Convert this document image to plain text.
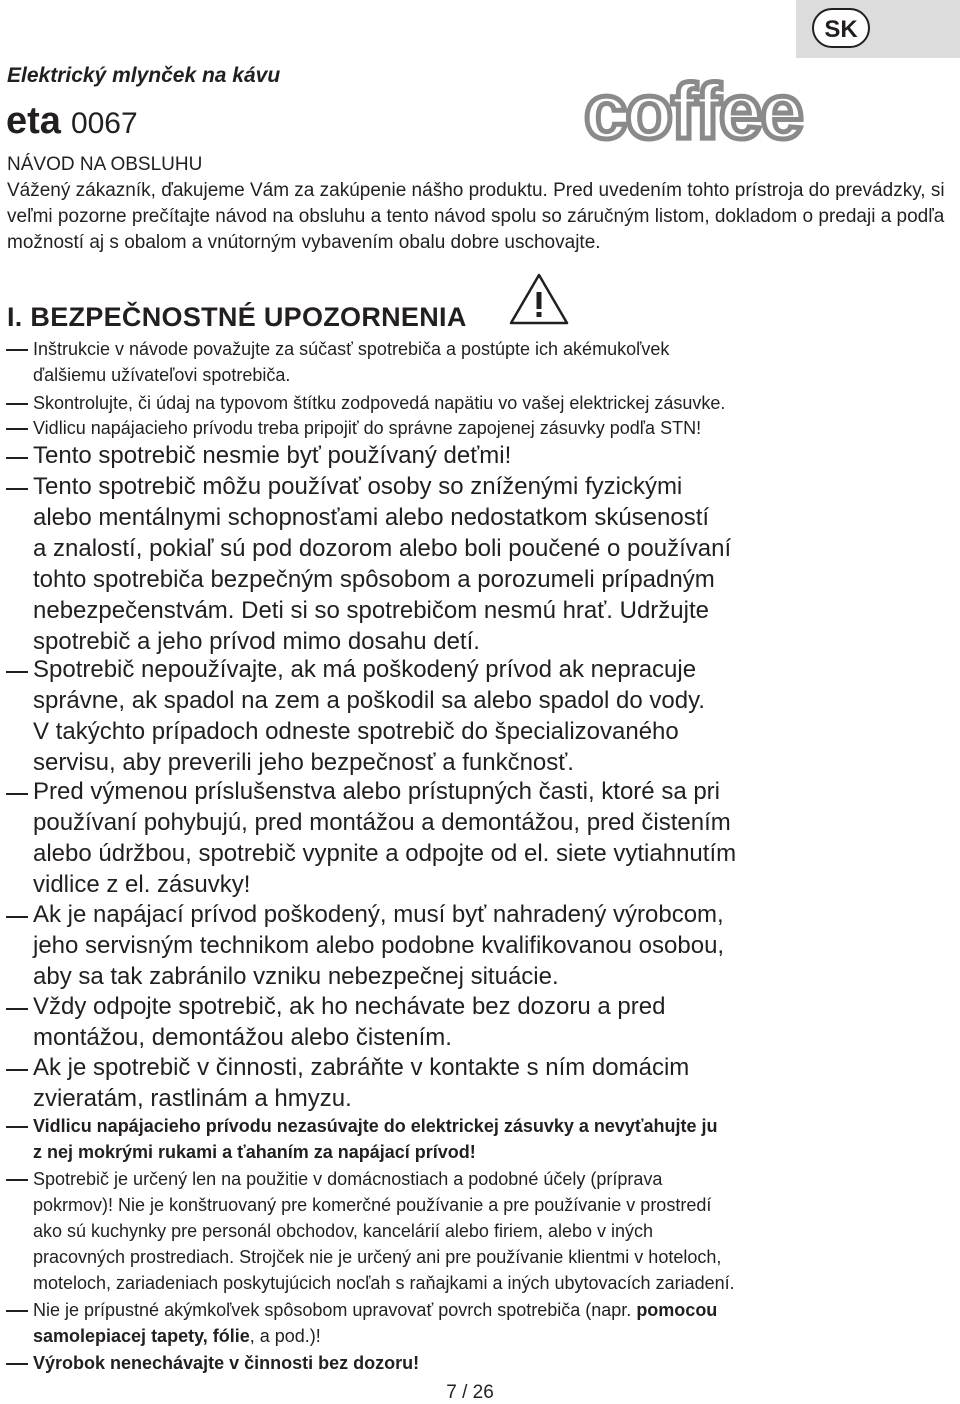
SK
Elektrický mlynček na kávu
eta 0067	coffee
NÁVOD NA OBSLUHU
Vážený zákazník, ďakujeme Vám za zakúpenie nášho produktu. Pred uvedením tohto prístroja do prevádzky, si veľmi pozorne prečítajte návod na obsluhu a tento návod spolu so záručným listom, dokladom o predaji a podľa možností aj s obalom a vnútorným vybavením obalu dobre uschovajte.
I. BEZPEČNOSTNÉ UPOZORNENIA
Inštrukcie v návode považujte za súčasť spotrebiča a postúpte ich akémukoľvek
ďalšiemu užívateľovi spotrebiča.
Skontrolujte, či údaj na typovom štítku zodpovedá napätiu vo vašej elektrickej zásuvke.
Vidlicu napájacieho prívodu treba pripojiť do správne zapojenej zásuvky podľa STN!
Tento spotrebič nesmie byť používaný deťmi!
Tento spotrebič môžu používať osoby so zníženými fyzickými
alebo mentálnymi schopnosťami alebo nedostatkom skúseností
a znalostí, pokiaľ sú pod dozorom alebo boli poučené o používaní
tohto spotrebiča bezpečným spôsobom a porozumeli prípadným
nebezpečenstvám. Deti si so spotrebičom nesmú hrať. Udržujte
spotrebič a jeho prívod mimo dosahu detí.
Spotrebič nepoužívajte, ak má poškodený prívod ak nepracuje
správne, ak spadol na zem a poškodil sa alebo spadol do vody.
V takýchto prípadoch odneste spotrebič do špecializovaného
servisu, aby preverili jeho bezpečnosť a funkčnosť.
Pred výmenou príslušenstva alebo prístupných časti, ktoré sa pri
používaní pohybujú, pred montážou a demontážou, pred čistením
alebo údržbou, spotrebič vypnite a odpojte od el. siete vytiahnutím
vidlice z el. zásuvky!
Ak je napájací prívod poškodený, musí byť nahradený výrobcom,
jeho servisným technikom alebo podobne kvalifikovanou osobou,
aby sa tak zabránilo vzniku nebezpečnej situácie.
Vždy odpojte spotrebič, ak ho nechávate bez dozoru a pred
montážou, demontážou alebo čistením.
Ak je spotrebič v činnosti, zabráňte v kontakte s ním domácim
zvieratám, rastlinám a hmyzu.
Vidlicu napájacieho prívodu nezasúvajte do elektrickej zásuvky a nevyťahujte ju
z nej mokrými rukami a ťahaním za napájací prívod!
Spotrebič je určený len na použitie v domácnostiach a podobné účely (príprava
pokrmov)! Nie je konštruovaný pre komerčné používanie a pre používanie v prostredí
ako sú kuchynky pre personál obchodov, kancelárií alebo firiem, alebo v iných
pracovných prostrediach. Strojček nie je určený ani pre používanie klientmi v hoteloch,
moteloch, zariadeniach poskytujúcich nocľah s raňajkami a iných ubytovacích zariadení.
Nie je prípustné akýmkoľvek spôsobom upravovať povrch spotrebiča (napr. pomocou
samolepiacej tapety, fólie, a pod.)!
Výrobok nenechávajte v činnosti bez dozoru!
7 / 26
